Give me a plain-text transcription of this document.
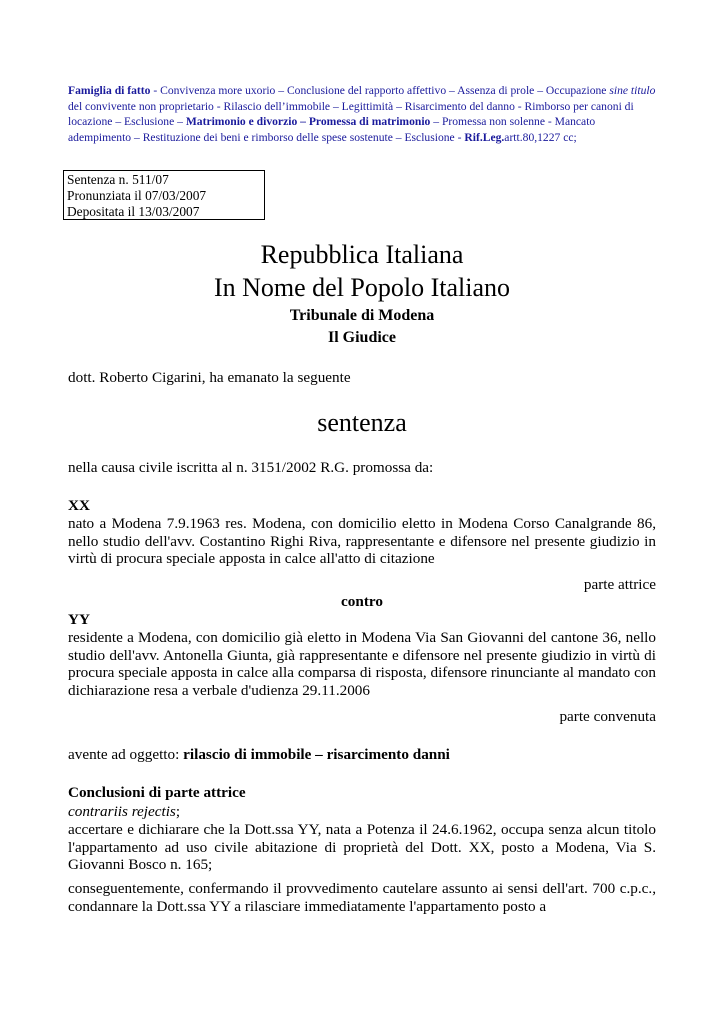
Famiglia di fatto - Convivenza more uxorio – Conclusione del rapporto affettivo – Assenza di prole – Occupazione sine titulo del convivente non proprietario - Rilascio dell’immobile – Legittimità – Risarcimento del danno - Rimborso per canoni di locazione – Esclusione – Matrimonio e divorzio – Promessa di matrimonio – Promessa non solenne - Mancato adempimento – Restituzione dei beni e rimborso delle spese sostenute – Esclusione - Rif.Leg.artt.80,1227 cc;
Sentenza n. 511/07
Pronunziata il 07/03/2007
Depositata il 13/03/2007
Repubblica Italiana
In Nome del Popolo Italiano
Tribunale di Modena
Il Giudice
dott. Roberto Cigarini, ha emanato la seguente
sentenza
nella causa civile iscritta al n. 3151/2002 R.G. promossa da:
XX
nato a Modena 7.9.1963 res. Modena, con domicilio eletto in Modena Corso Canalgrande 86, nello studio dell'avv. Costantino Righi Riva, rappresentante e difensore nel presente giudizio in virtù di procura speciale apposta in calce all'atto di citazione
parte attrice
contro
YY
residente a Modena, con domicilio già eletto in Modena Via San Giovanni del cantone 36, nello studio dell'avv. Antonella Giunta, già rappresentante e difensore nel presente giudizio in virtù di procura speciale apposta in calce alla comparsa di risposta, difensore rinunciante al mandato con dichiarazione resa a verbale d'udienza 29.11.2006
parte convenuta
avente ad oggetto: rilascio di immobile – risarcimento danni
Conclusioni di parte attrice
contrariis rejectis;
accertare e dichiarare che la Dott.ssa YY, nata a Potenza il 24.6.1962, occupa senza alcun titolo l'appartamento ad uso civile abitazione di proprietà del Dott. XX, posto a Modena, Via S. Giovanni Bosco n. 165;
conseguentemente, confermando il provvedimento cautelare assunto ai sensi dell'art. 700 c.p.c., condannare la Dott.ssa YY a rilasciare immediatamente l'appartamento posto a
